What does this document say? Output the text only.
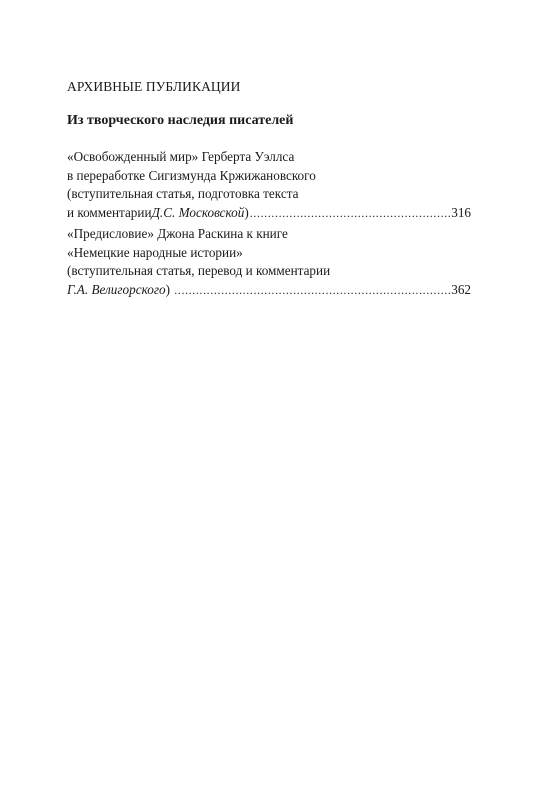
АРХИВНЫЕ ПУБЛИКАЦИИ
Из творческого наследия писателей
«Освобожденный мир» Герберта Уэллса
в переработке Сигизмунда Кржижановского
(вступительная статья, подготовка текста
и комментарии Д.С. Московской ) .....	316
«Предисловие» Джона Раскина к книге
«Немецкие народные истории»
(вступительная статья, перевод и комментарии
Г.А. Велигорского ) .....	362
